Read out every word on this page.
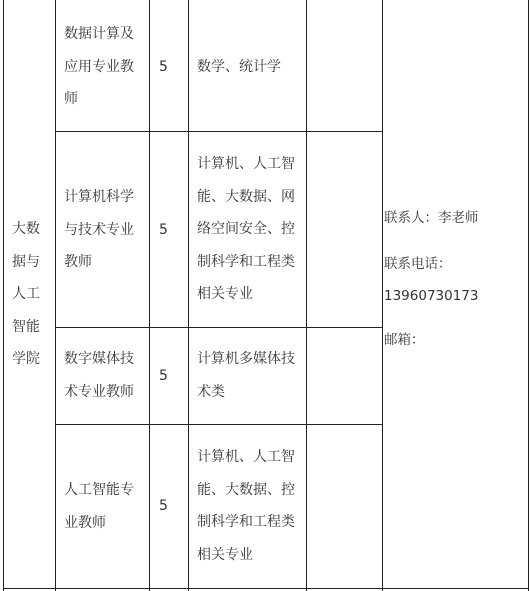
大数
据与
人工
智能
学院
数据计算及
应用专业教
师
5	数学、统计学
计算机科学
与技术专业
教师
5
计算机、人工智
能、大数据、网
络空间安全、控
制科学和工程类
相关专业
数字媒体技
术专业教师
5
计算机多媒体技
术类
人工智能专
业教师
5
计算机、人工智
能、大数据、控
制科学和工程类
相关专业
联系人：李老师
联系电话：
13960730173
邮箱：
